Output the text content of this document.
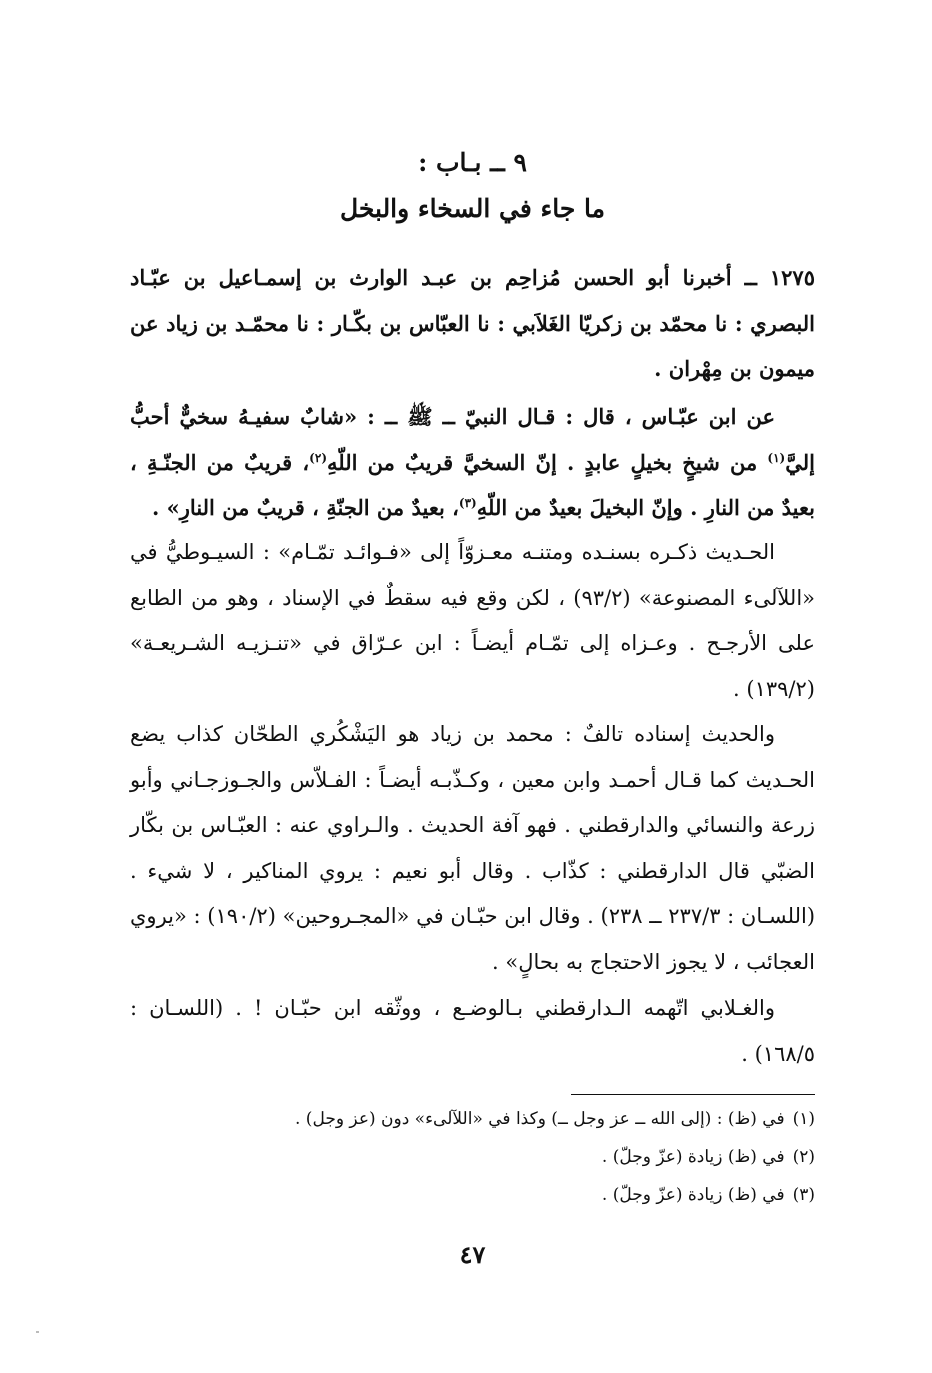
٩ ــ بـاب :
ما جاء في السخاء والبخل

١٢٧٥ ــ أخبرنا أبو الحسن مُزاحِم بن عبـد الوارث بن إسمـاعيل بن عبّـاد البصري : نا محمّد بن زكريّا الغَلاَبي : نا العبّاس بن بكّـار : نا محمّـد بن زياد عن ميمون بن مِهْران .

عن ابن عبّـاس ، قال : قـال النبيّ ــ ﷺ ــ : «شابٌ سفيـهُ سخيٌّ أحبُّ إليَّ$^{(١)}$ من شيخٍ بخيلٍ عابدٍ . إنّ السخيَّ قريبٌ من اللّهِ$^{(٢)}$، قريبٌ من الجنّـةِ ، بعيدٌ من النارِ . وإنّ البخيلَ بعيدٌ من اللّهِ$^{(٣)}$، بعيدٌ من الجنّةِ ، قريبٌ من النارِ» .

الحـديث ذكـره بسنـده ومتنـه معـزوّاً إلى «فـوائـد تمّـام» : السيـوطيُّ في «اللآلىء المصنوعة» (٩٣/٢) ، لكن وقع فيه سقطٌ في الإسناد ، وهو من الطابع على الأرجـح . وعـزاه إلى تمّـام أيضـاً : ابن عـرّاق في «تنـزيـه الشـريعـة» (١٣٩/٢) .

والحديث إسناده تالفٌ : محمد بن زياد هو اليَشْكُري الطحّان كذاب يضع الحـديث كما قـال أحمـد وابن معين ، وكـذّبـه أيضـاً : الفـلاّس والجـوزجـاني وأبو زرعة والنسائي والدارقطني . فهو آفة الحديث . والـراوي عنه : العبّـاس بن بكّار الضبّي قال الدارقطني : كذّاب . وقال أبو نعيم : يروي المناكير ، لا شيء . (اللسـان : ٢٣٧/٣ ــ ٢٣٨) . وقال ابن حبّـان في «المجـروحين» (١٩٠/٢) : «يروي العجائب ، لا يجوز الاحتجاج به بحالٍ» .

والغـلابي اتّهمه الـدارقطني بـالوضـع ، ووثّقه ابن حبّـان ! . (اللسـان : ١٦٨/٥) .

(١)في (ظ) : (إلى الله ــ عز وجل ــ) وكذا في «اللآلىء» دون (عز وجل) .
(٢)في (ظ) زيادة (عزّ وجلّ) .
(٣)في (ظ) زيادة (عزّ وجلّ) .
٤٧
